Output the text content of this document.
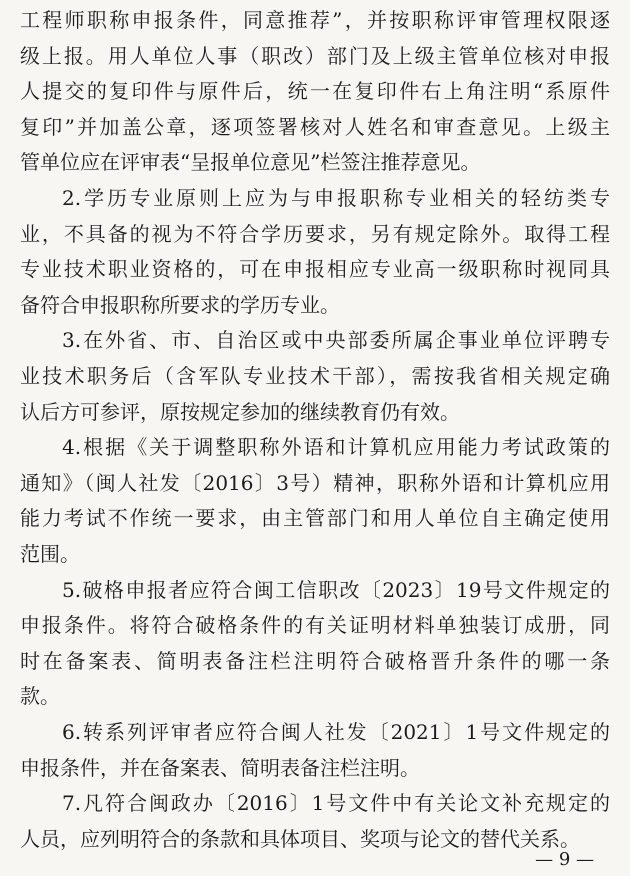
工程师职称申报条件，同意推荐”，并按职称评审管理权限逐
级上报。用人单位人事（职改）部门及上级主管单位核对申报
人提交的复印件与原件后，统一在复印件右上角注明“系原件
复印”并加盖公章，逐项签署核对人姓名和审查意见。上级主
管单位应在评审表“呈报单位意见”栏签注推荐意见。
2.学历专业原则上应为与申报职称专业相关的轻纺类专
业，不具备的视为不符合学历要求，另有规定除外。取得工程
专业技术职业资格的，可在申报相应专业高一级职称时视同具
备符合申报职称所要求的学历专业。
3.在外省、市、自治区或中央部委所属企事业单位评聘专
业技术职务后（含军队专业技术干部），需按我省相关规定确
认后方可参评，原按规定参加的继续教育仍有效。
4.根据《关于调整职称外语和计算机应用能力考试政策的
通知》（闽人社发〔2016〕3号）精神，职称外语和计算机应用
能力考试不作统一要求，由主管部门和用人单位自主确定使用
范围。
5.破格申报者应符合闽工信职改〔2023〕19号文件规定的
申报条件。将符合破格条件的有关证明材料单独装订成册，同
时在备案表、简明表备注栏注明符合破格晋升条件的哪一条
款。
6.转系列评审者应符合闽人社发〔2021〕1号文件规定的
申报条件，并在备案表、简明表备注栏注明。
7.凡符合闽政办〔2016〕1号文件中有关论文补充规定的
人员，应列明符合的条款和具体项目、奖项与论文的替代关系。
— 9 —
